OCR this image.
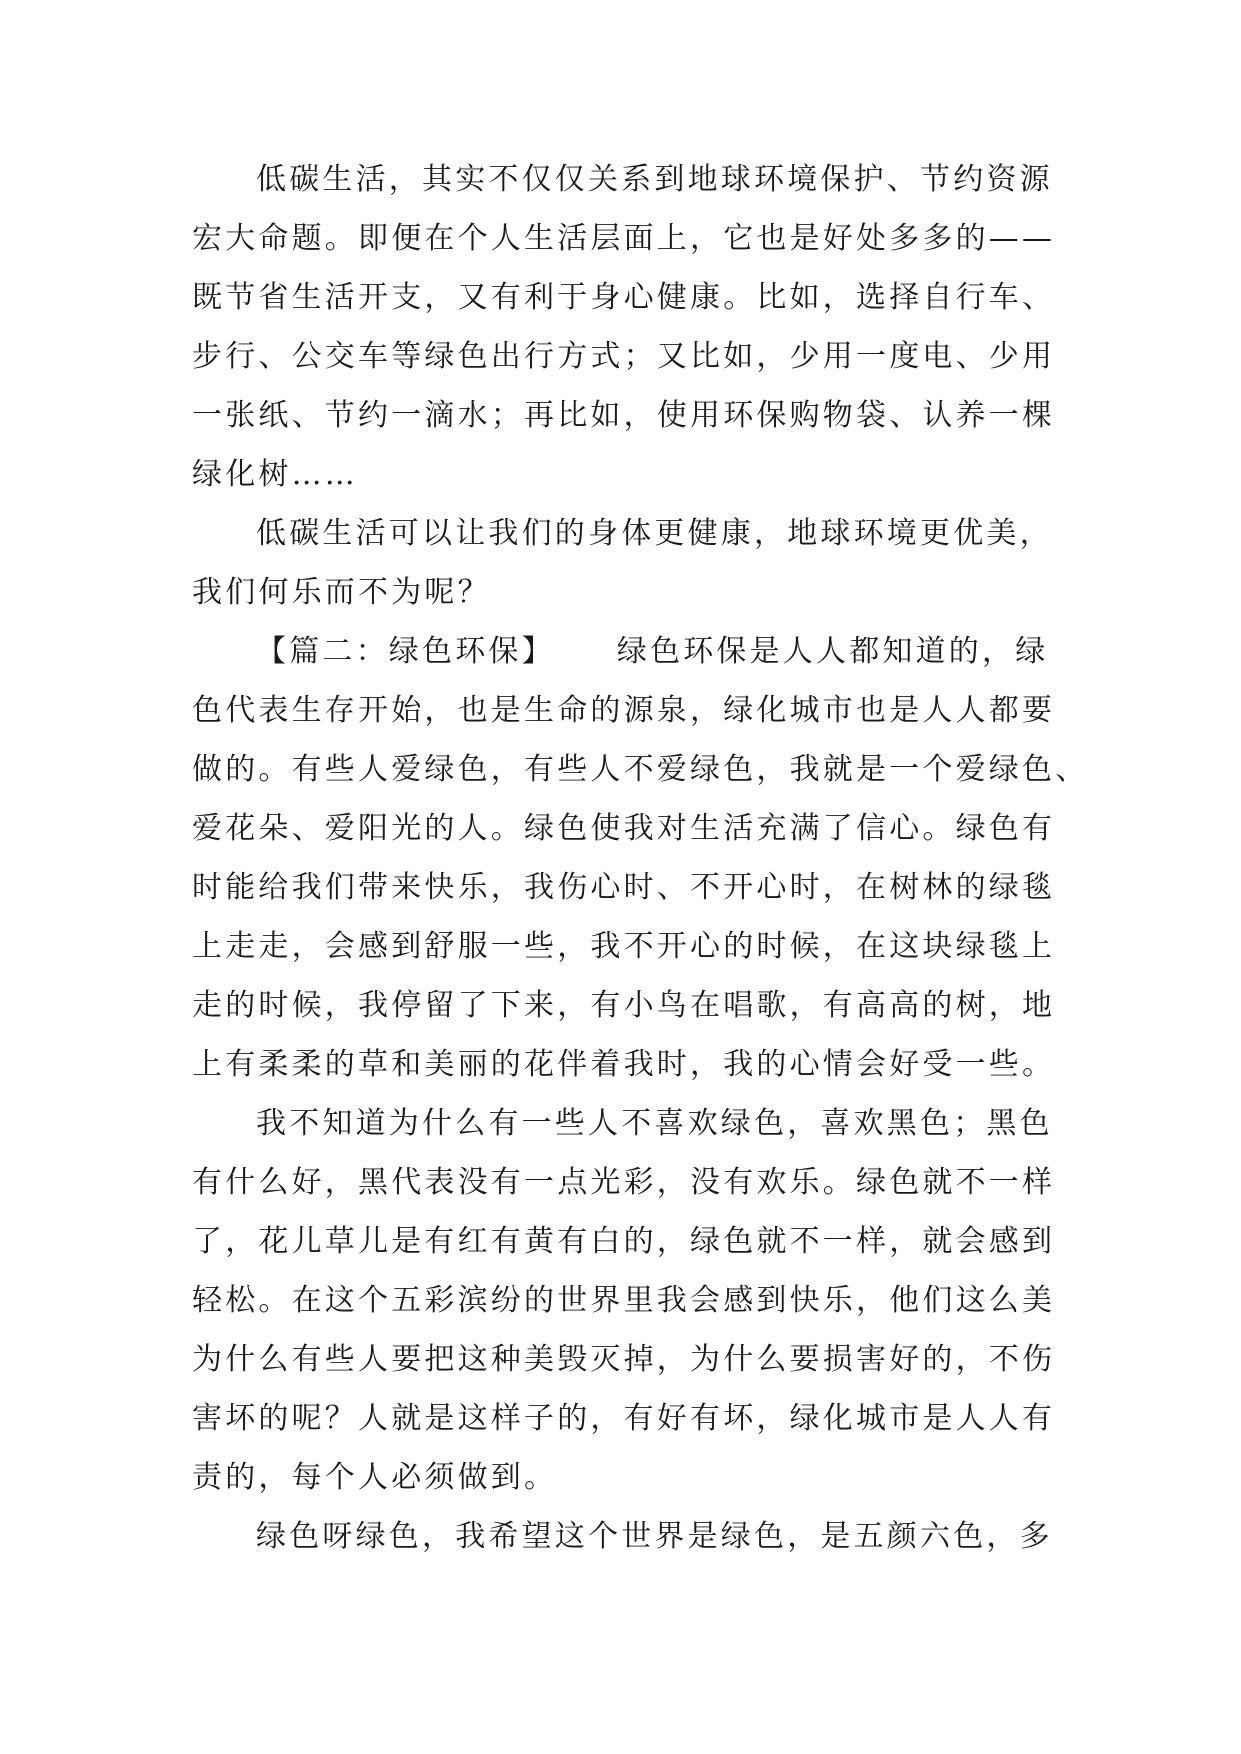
低碳生活，其实不仅仅关系到地球环境保护、节约资源
宏大命题。即便在个人生活层面上，它也是好处多多的——
既节省生活开支，又有利于身心健康。比如，选择自行车、
步行、公交车等绿色出行方式；又比如，少用一度电、少用
一张纸、节约一滴水；再比如，使用环保购物袋、认养一棵
绿化树……
低碳生活可以让我们的身体更健康，地球环境更优美，
我们何乐而不为呢？
【篇二：绿色环保】 绿色环保是人人都知道的，绿
色代表生存开始，也是生命的源泉，绿化城市也是人人都要
做的。有些人爱绿色，有些人不爱绿色，我就是一个爱绿色、
爱花朵、爱阳光的人。绿色使我对生活充满了信心。绿色有
时能给我们带来快乐，我伤心时、不开心时，在树林的绿毯
上走走，会感到舒服一些，我不开心的时候，在这块绿毯上
走的时候，我停留了下来，有小鸟在唱歌，有高高的树，地
上有柔柔的草和美丽的花伴着我时，我的心情会好受一些。
我不知道为什么有一些人不喜欢绿色，喜欢黑色；黑色
有什么好，黑代表没有一点光彩，没有欢乐。绿色就不一样
了，花儿草儿是有红有黄有白的，绿色就不一样，就会感到
轻松。在这个五彩滨纷的世界里我会感到快乐，他们这么美
为什么有些人要把这种美毁灭掉，为什么要损害好的，不伤
害坏的呢？人就是这样子的，有好有坏，绿化城市是人人有
责的，每个人必须做到。
绿色呀绿色，我希望这个世界是绿色，是五颜六色，多
